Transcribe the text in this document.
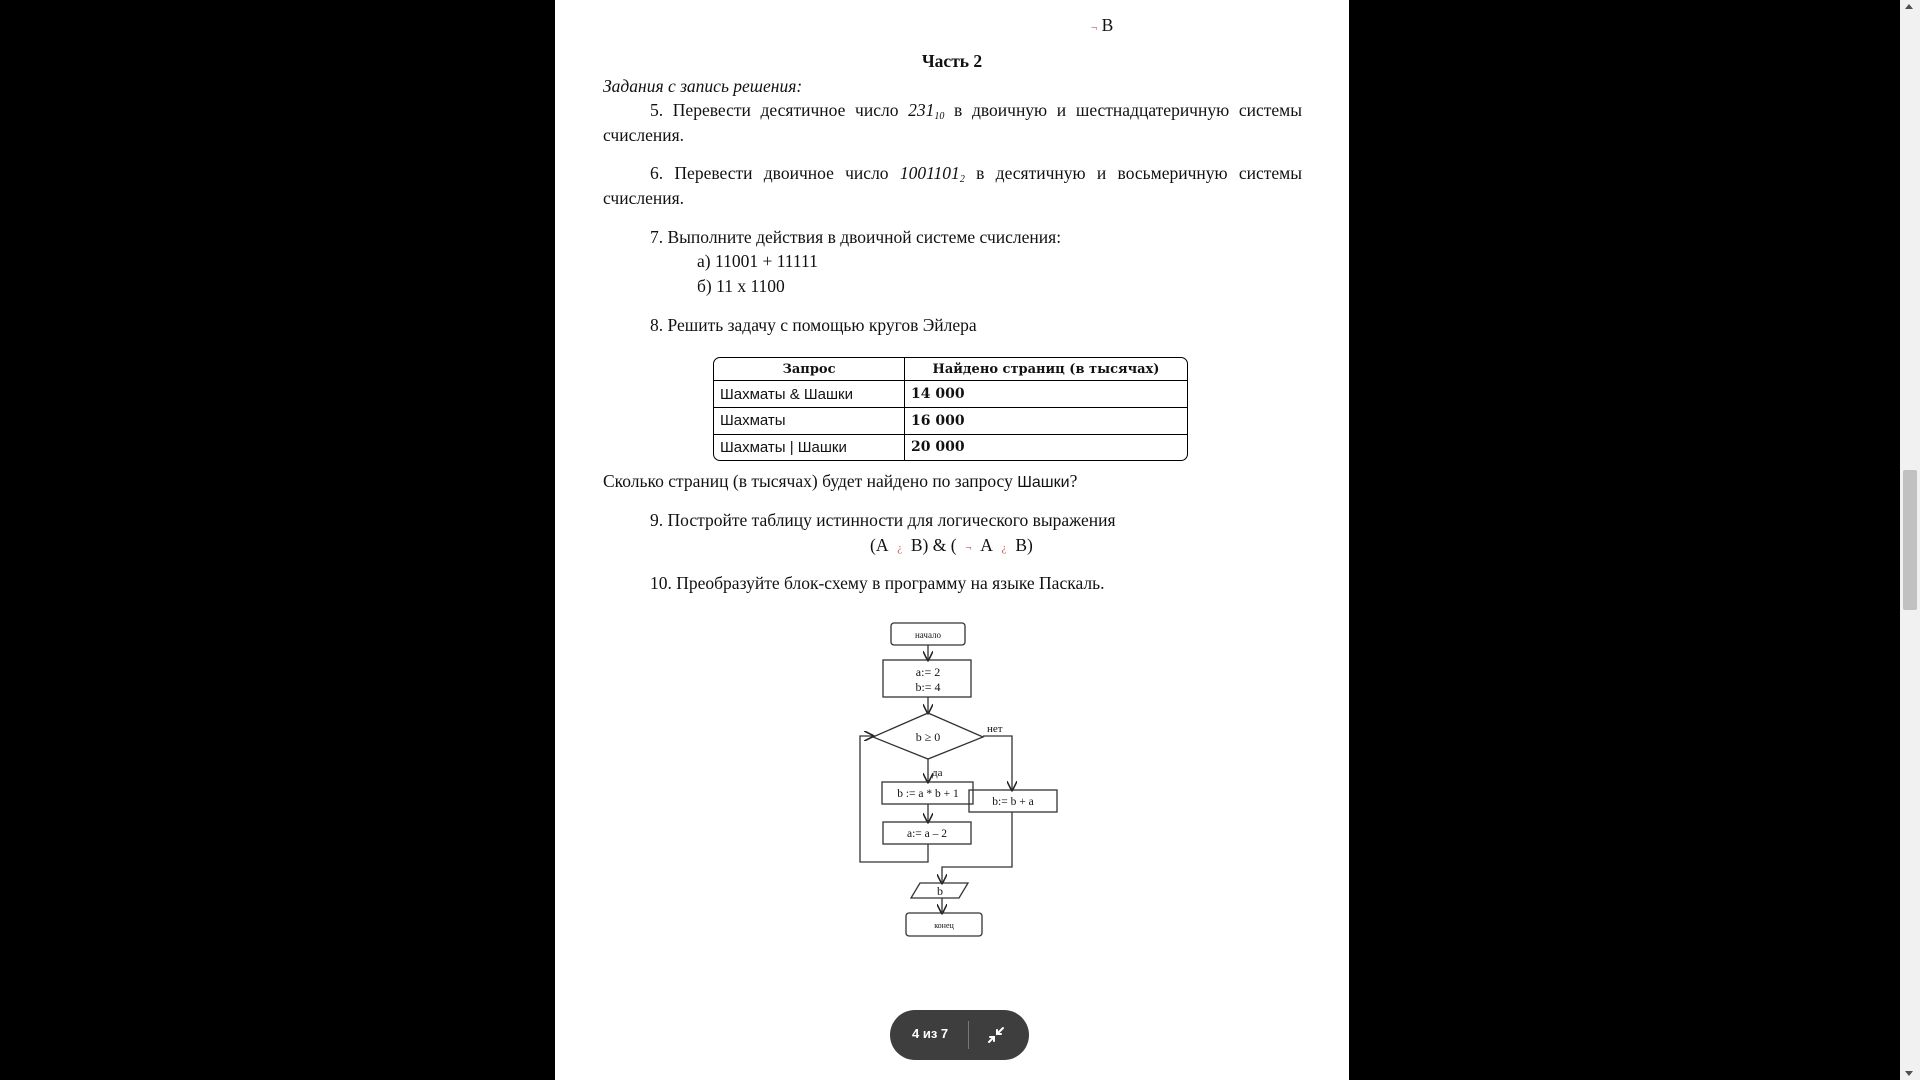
¬ B
Часть 2
Задания с запись решения:
5. Перевести десятичное число $231_{10}$ в двоичную и шестнадцатеричную системы
счисления.
6. Перевести двоичное число $1001101_2$ в десятичную и восьмеричную системы
счисления.
7. Выполните действия в двоичной системе счисления:
а) 11001 + 11111
б) 11 х 1100
8. Решить задачу с помощью кругов Эйлера
Запрос	Найдено страниц (в тысячах)
Шахматы & Шашки	14 000
Шахматы	16 000
Шахматы | Шашки	20 000
Сколько страниц (в тысячах) будет найдено по запросу Шашки?
9. Постройте таблицу истинности для логического выражения
(А ¿ В) & ( ¬ А ¿ В)
10. Преобразуйте блок-схему в программу на языке Паскаль.
начало
a:= 2
b:= 4
b ≥ 0
нет
да
b := a * b + 1
a:= a – 2
b:= b + a
b
конец
4 из 7
